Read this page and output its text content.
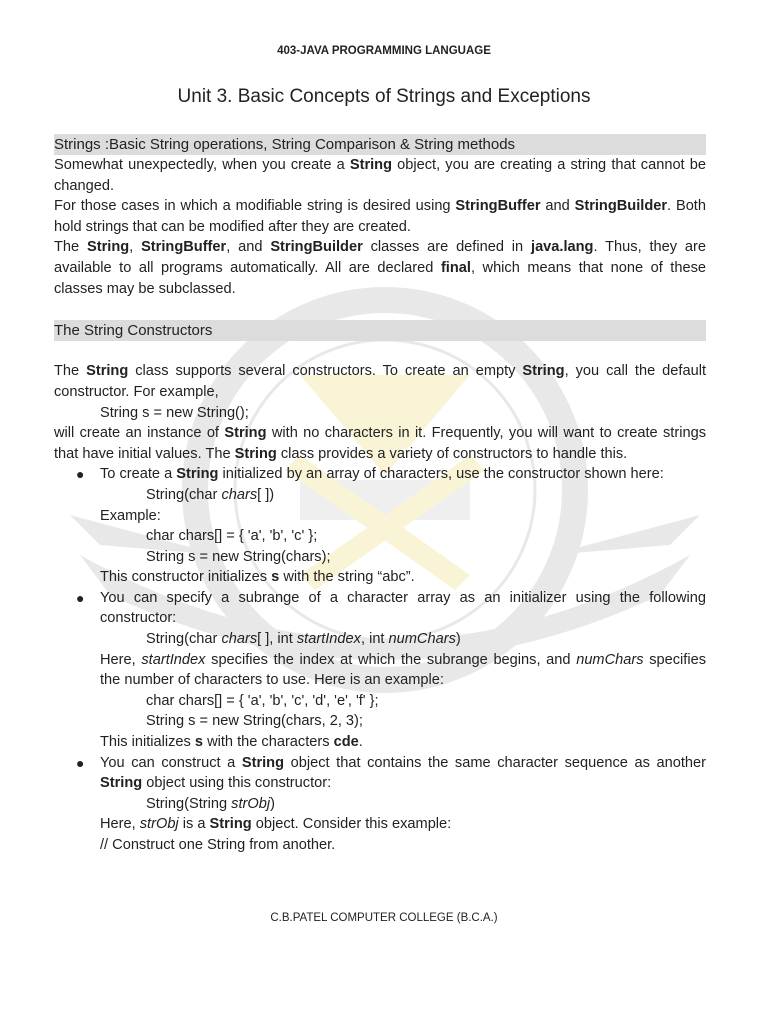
403-JAVA PROGRAMMING LANGUAGE
Unit 3. Basic Concepts of Strings and Exceptions
Strings :Basic String operations, String Comparison & String methods

Somewhat unexpectedly, when you create a String object, you are creating a string that cannot be changed.

For those cases in which a modifiable string is desired using StringBuffer and StringBuilder. Both hold strings that can be modified after they are created.

The String, StringBuffer, and StringBuilder classes are defined in java.lang. Thus, they are available to all programs automatically. All are declared final, which means that none of these classes may be subclassed.

The String Constructors

The String class supports several constructors. To create an empty String, you call the default constructor. For example,

String s = new String();

will create an instance of String with no characters in it. Frequently, you will want to create strings that have initial values. The String class provides a variety of constructors to handle this.

● To create a String initialized by an array of characters, use the constructor shown here:

String(char chars[ ])

Example:

char chars[] = { 'a', 'b', 'c' };

String s = new String(chars);

This constructor initializes s with the string “abc”.

● You can specify a subrange of a character array as an initializer using the following constructor:

String(char chars[ ], int startIndex, int numChars)

Here, startIndex specifies the index at which the subrange begins, and numChars specifies the number of characters to use. Here is an example:

char chars[] = { 'a', 'b', 'c', 'd', 'e', 'f' };

String s = new String(chars, 2, 3);

This initializes s with the characters cde.

● You can construct a String object that contains the same character sequence as another String object using this constructor:

String(String strObj)

Here, strObj is a String object. Consider this example:

// Construct one String from another.

C.B.PATEL COMPUTER COLLEGE (B.C.A.)
